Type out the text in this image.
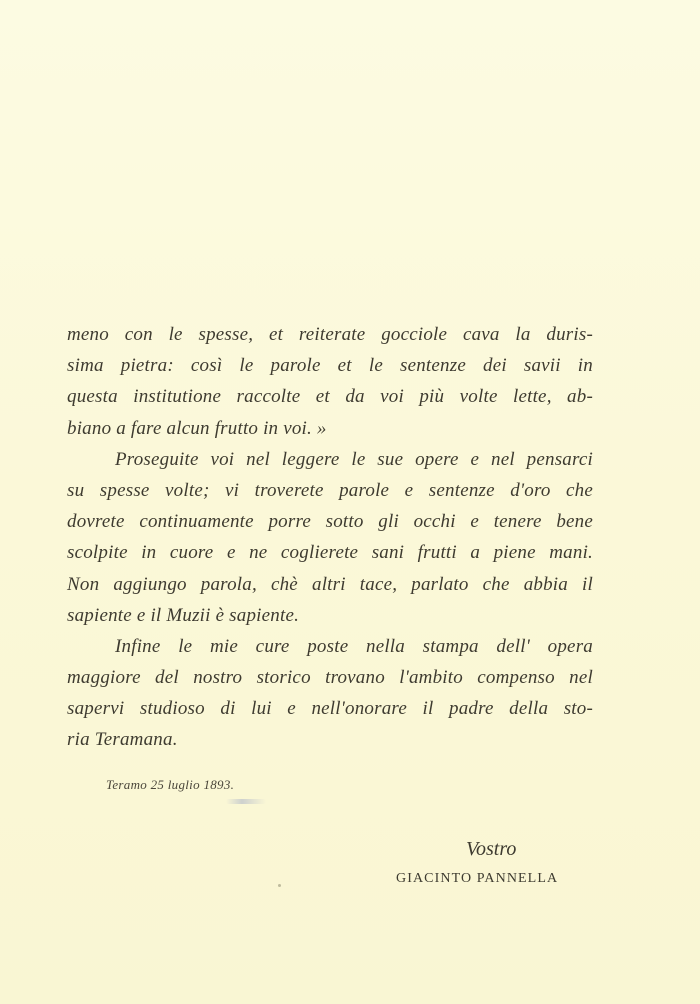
meno con le spesse, et reiterate gocciole cava la duris-
sima pietra: così le parole et le sentenze dei savii in
questa institutione raccolte et da voi più volte lette, ab-
biano a fare alcun frutto in voi. »
Proseguite voi nel leggere le sue opere e nel pensarci
su spesse volte; vi troverete parole e sentenze d'oro che
dovrete continuamente porre sotto gli occhi e tenere bene
scolpite in cuore e ne coglierete sani frutti a piene mani.
Non aggiungo parola, chè altri tace, parlato che abbia il
sapiente e il Muzii è sapiente.
Infine le mie cure poste nella stampa dell' opera
maggiore del nostro storico trovano l'ambito compenso nel
sapervi studioso di lui e nell'onorare il padre della sto-
ria Teramana.
Teramo 25 luglio 1893.
Vostro
GIACINTO PANNELLA
